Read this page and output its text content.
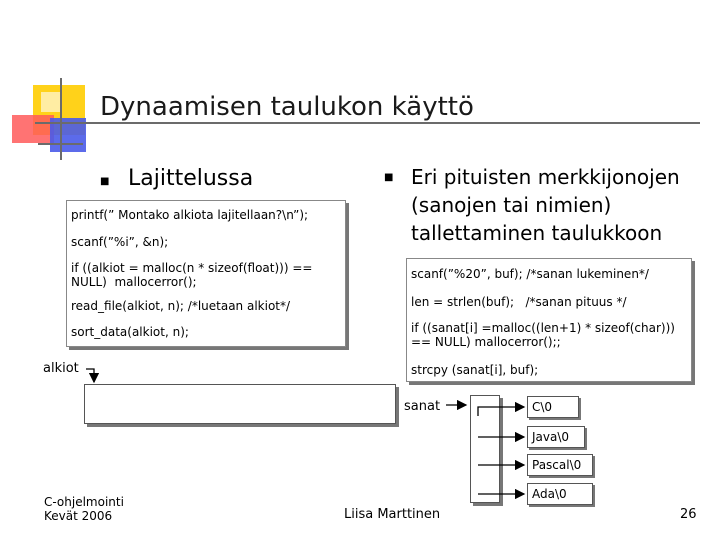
Dynaamisen taulukon käyttö
■ Lajittelussa
printf(” Montako alkiota lajitellaan?\n”);
scanf(”%i”, &n);
if ((alkiot = malloc(n * sizeof(float))) == NULL)  mallocerror();
read_file(alkiot, n); /*luetaan alkiot*/
sort_data(alkiot, n);
alkiot
■ Eri pituisten merkkijonojen (sanojen tai nimien) tallettaminen taulukkoon
scanf(”%20”, buf); /*sanan lukeminen*/
len = strlen(buf);   /*sanan pituus */
if ((sanat[i] =malloc((len+1) * sizeof(char))) == NULL) mallocerror();;
strcpy (sanat[i], buf);
sanat	C\0
Java\0
Pascal\0
Ada\0
C-ohjelmointi
Kevät 2006	Liisa Marttinen	26
